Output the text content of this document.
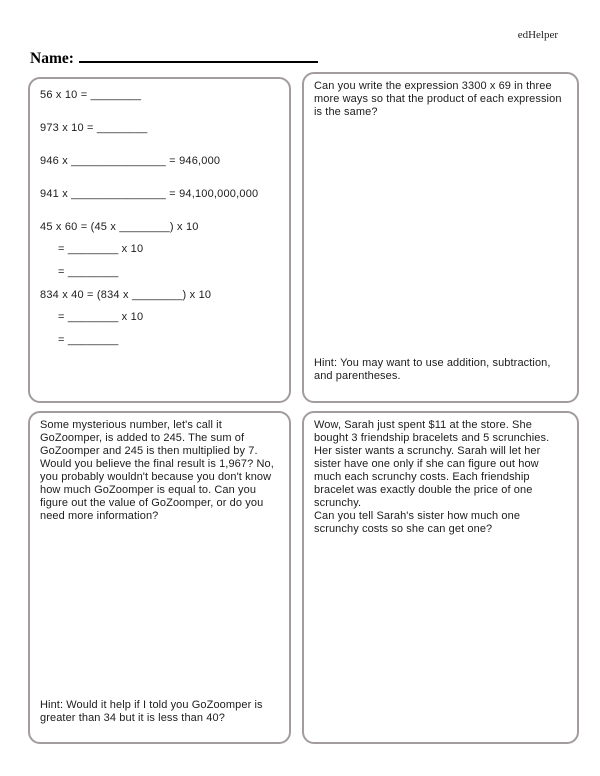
edHelper
Name:
56 x 10 = ________
973 x 10 = ________
946 x _______________ = 946,000
941 x _______________ = 94,100,000,000
45 x 60 = (45 x ________) x 10
= ________ x 10
= ________
834 x 40 = (834 x ________) x 10
= ________ x 10
= ________

Can you write the expression 3300 x 69 in three more ways so that the product of each expression is the same?

Hint: You may want to use addition, subtraction, and parentheses.

Some mysterious number, let's call it GoZoomper, is added to 245. The sum of GoZoomper and 245 is then multiplied by 7. Would you believe the final result is 1,967? No, you probably wouldn't because you don't know how much GoZoomper is equal to. Can you figure out the value of GoZoomper, or do you need more information?

Hint: Would it help if I told you GoZoomper is greater than 34 but it is less than 40?

Wow, Sarah just spent $11 at the store. She bought 3 friendship bracelets and 5 scrunchies. Her sister wants a scrunchy. Sarah will let her sister have one only if she can figure out how much each scrunchy costs. Each friendship bracelet was exactly double the price of one scrunchy.

Can you tell Sarah's sister how much one scrunchy costs so she can get one?
